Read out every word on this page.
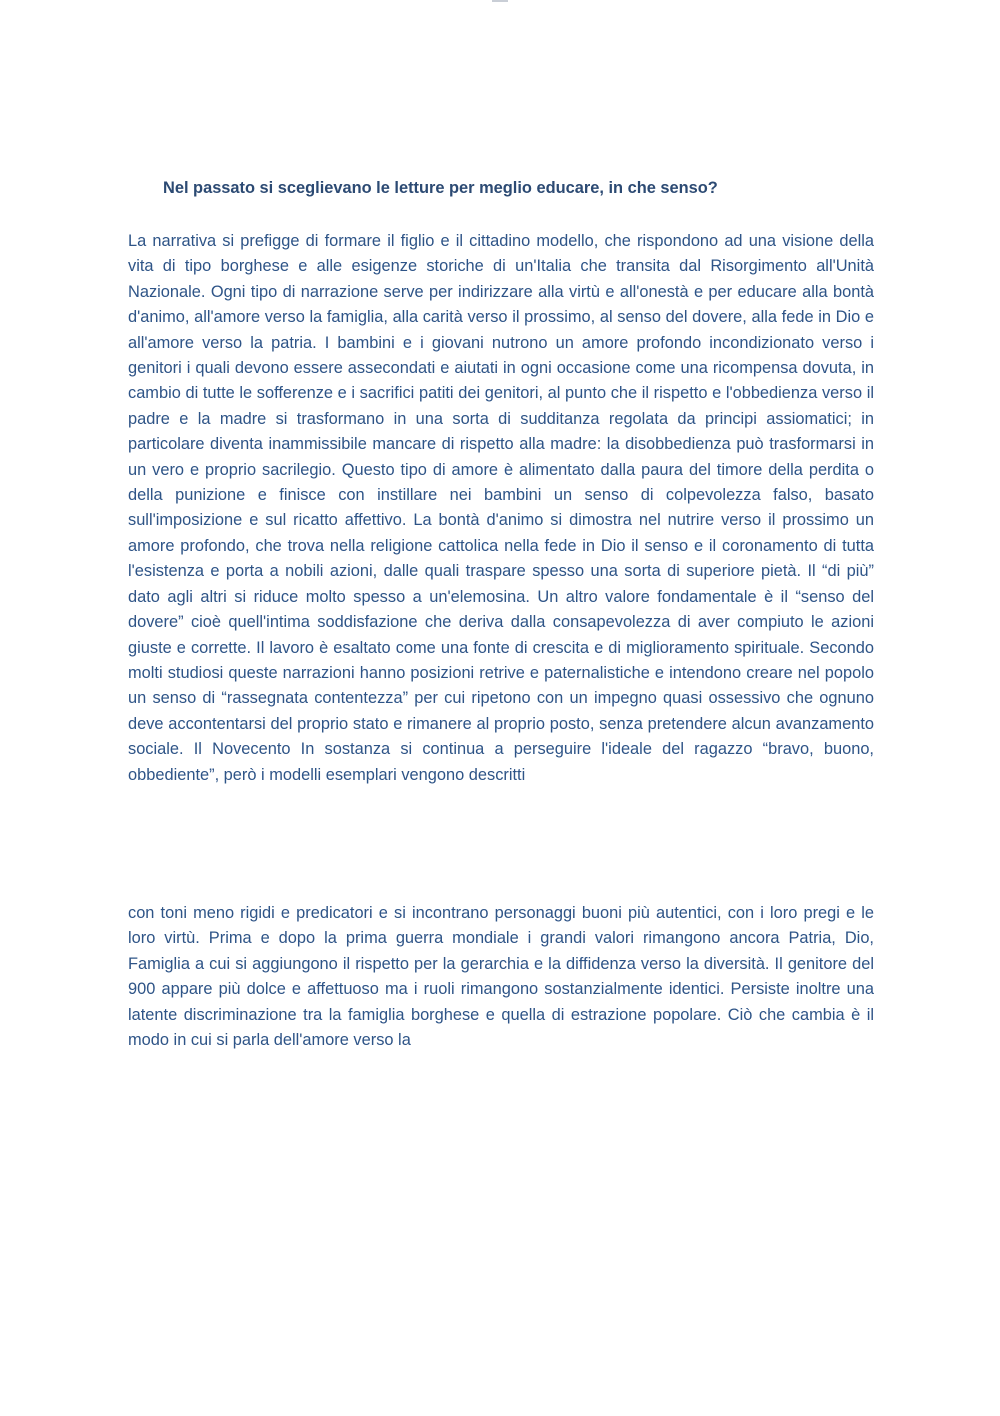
Nel passato si sceglievano le letture per meglio educare, in che senso?

La narrativa si prefigge di formare il figlio e il cittadino modello, che rispondono ad una visione della vita di tipo borghese e alle esigenze storiche di un'Italia che transita dal Risorgimento all'Unità Nazionale. Ogni tipo di narrazione serve per indirizzare alla virtù e all'onestà e per educare alla bontà d'animo, all'amore verso la famiglia, alla carità verso il prossimo, al senso del dovere, alla fede in Dio e all'amore verso la patria. I bambini e i giovani nutrono un amore profondo incondizionato verso i genitori i quali devono essere assecondati e aiutati in ogni occasione come una ricompensa dovuta, in cambio di tutte le sofferenze e i sacrifici patiti dei genitori, al punto che il rispetto e l'obbedienza verso il padre e la madre si trasformano in una sorta di sudditanza regolata da principi assiomatici; in particolare diventa inammissibile mancare di rispetto alla madre: la disobbedienza può trasformarsi in un vero e proprio sacrilegio. Questo tipo di amore è alimentato dalla paura del timore della perdita o della punizione e finisce con instillare nei bambini un senso di colpevolezza falso, basato sull'imposizione e sul ricatto affettivo. La bontà d'animo si dimostra nel nutrire verso il prossimo un amore profondo, che trova nella religione cattolica nella fede in Dio il senso e il coronamento di tutta l'esistenza e porta a nobili azioni, dalle quali traspare spesso una sorta di superiore pietà. Il “di più” dato agli altri si riduce molto spesso a un'elemosina. Un altro valore fondamentale è il “senso del dovere” cioè quell'intima soddisfazione che deriva dalla consapevolezza di aver compiuto le azioni giuste e corrette. Il lavoro è esaltato come una fonte di crescita e di miglioramento spirituale. Secondo molti studiosi queste narrazioni hanno posizioni retrive e paternalistiche e intendono creare nel popolo un senso di “rassegnata contentezza” per cui ripetono con un impegno quasi ossessivo che ognuno deve accontentarsi del proprio stato e rimanere al proprio posto, senza pretendere alcun avanzamento sociale. Il Novecento In sostanza si continua a perseguire l'ideale del ragazzo “bravo, buono, obbediente”, però i modelli esemplari vengono descritti

con toni meno rigidi e predicatori e si incontrano personaggi buoni più autentici, con i loro pregi e le loro virtù. Prima e dopo la prima guerra mondiale i grandi valori rimangono ancora Patria, Dio, Famiglia a cui si aggiungono il rispetto per la gerarchia e la diffidenza verso la diversità. Il genitore del 900 appare più dolce e affettuoso ma i ruoli rimangono sostanzialmente identici. Persiste inoltre una latente discriminazione tra la famiglia borghese e quella di estrazione popolare. Ciò che cambia è il modo in cui si parla dell'amore verso la
